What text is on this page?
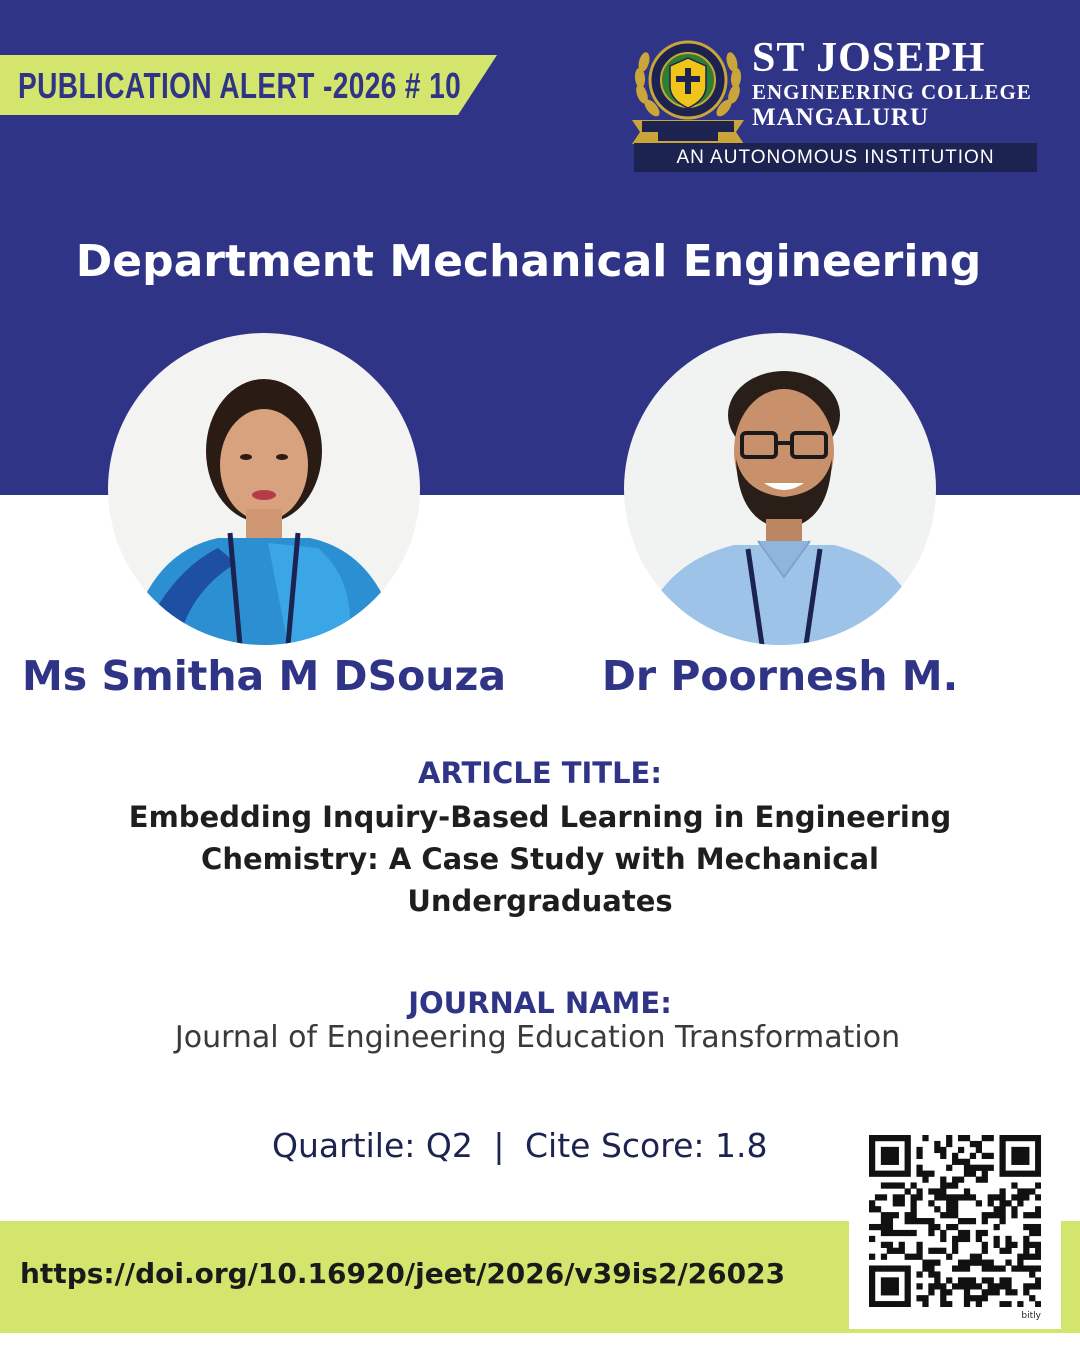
PUBLICATION ALERT -2026 # 10
ST JOSEPH
ENGINEERING COLLEGE
MANGALURU
AN AUTONOMOUS INSTITUTION
Department Mechanical Engineering
Ms Smitha M DSouza	Dr Poornesh M.
ARTICLE TITLE:
Embedding Inquiry-Based Learning in Engineering
Chemistry: A Case Study with Mechanical
Undergraduates
JOURNAL NAME:
Journal of Engineering Education Transformation
Quartile: Q2 | Cite Score: 1.8
https://doi.org/10.16920/jeet/2026/v39is2/26023
bitly
